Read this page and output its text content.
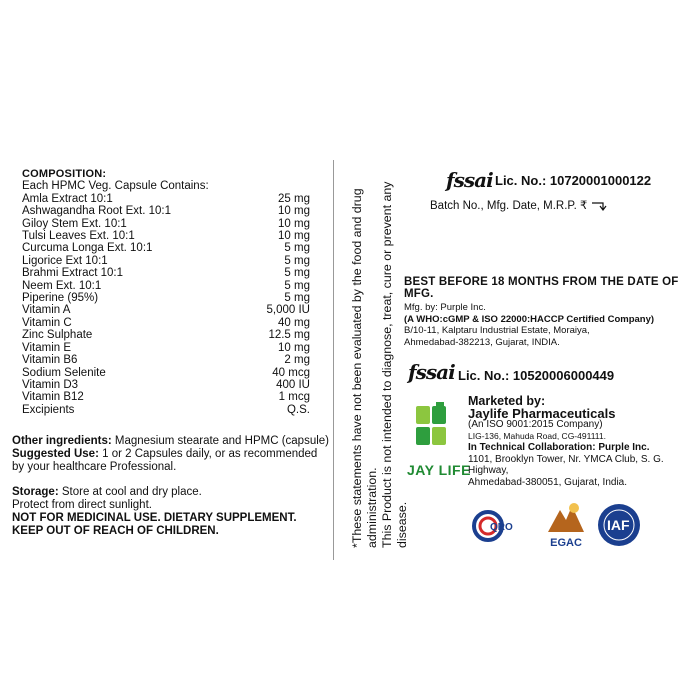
COMPOSITION:
Each HPMC Veg. Capsule Contains:
Amla Extract 10:1	25 mg
Ashwagandha Root Ext. 10:1	10 mg
Giloy Stem Ext. 10:1	10 mg
Tulsi Leaves Ext. 10:1	10 mg
Curcuma Longa Ext. 10:1	5 mg
Ligorice Ext 10:1	5 mg
Brahmi Extract 10:1	5 mg
Neem Ext. 10:1	5 mg
Piperine (95%)	5 mg
Vitamin A	5,000 IU
Vitamin C	40 mg
Zinc Sulphate	12.5 mg
Vitamin E	10 mg
Vitamin B6	2 mg
Sodium Selenite	40 mcg
Vitamin D3	400 IU
Vitamin B12	1 mcg
Excipients	Q.S.
Other ingredients: Magnesium stearate and HPMC (capsule)
Suggested Use: 1 or 2 Capsules daily, or as recommended by your healthcare Professional.
Storage: Store at cool and dry place.
Protect from direct sunlight.
NOT FOR MEDICINAL USE. DIETARY SUPPLEMENT.
KEEP OUT OF REACH OF CHILDREN.	*These statements have not been evaluated by the food and drug administration. This Product is not intended to diagnose, treat, cure or prevent any disease.
fssai Lic. No.: 10720001000122
Batch No., Mfg. Date, M.R.P. ₹
BEST BEFORE 18 MONTHS FROM THE DATE OF MFG.
Mfg. by: Purple Inc.
(A WHO:cGMP & ISO 22000:HACCP Certified Company)
B/10-11, Kalptaru Industrial Estate, Moraiya,
Ahmedabad-382213, Gujarat, INDIA.
fssai Lic. No.: 10520006000449
JAY LIFE
Marketed by:
Jaylife Pharmaceuticals
(An ISO 9001:2015 Company)
LIG-136, Mahuda Road, CG-491111.
In Technical Collaboration: Purple Inc.
1101, Brooklyn Tower, Nr. YMCA Club, S. G. Highway,
Ahmedabad-380051, Gujarat, India.
QRO
EGAC
IAF
